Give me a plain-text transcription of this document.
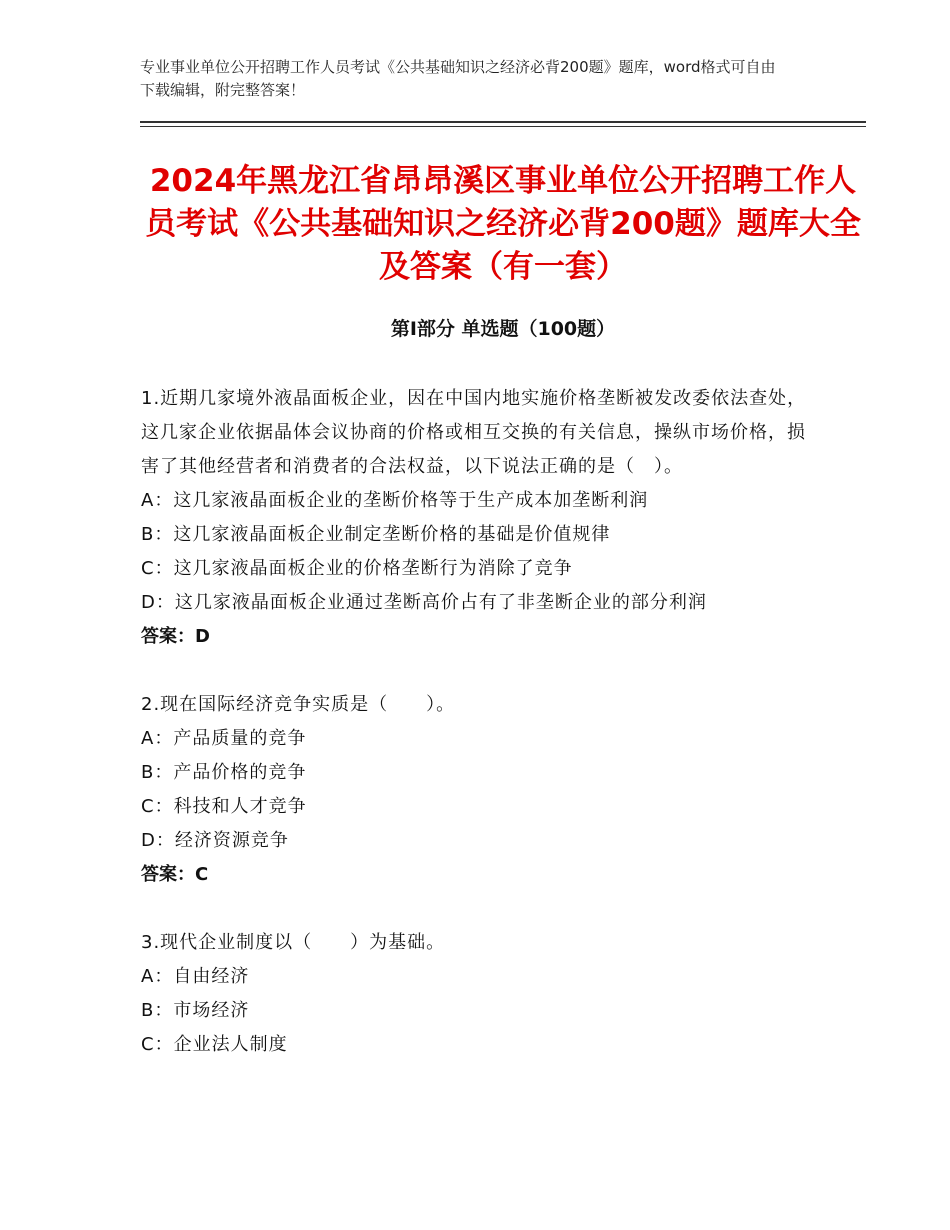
专业事业单位公开招聘工作人员考试《公共基础知识之经济必背200题》题库，word格式可自由下载编辑，附完整答案！
2024年黑龙江省昂昂溪区事业单位公开招聘工作人员考试《公共基础知识之经济必背200题》题库大全及答案（有一套）
第Ⅰ部分 单选题（100题）

1.近期几家境外液晶面板企业，因在中国内地实施价格垄断被发改委依法查处，这几家企业依据晶体会议协商的价格或相互交换的有关信息，操纵市场价格，损害了其他经营者和消费者的合法权益，以下说法正确的是（　）。

A：这几家液晶面板企业的垄断价格等于生产成本加垄断利润

B：这几家液晶面板企业制定垄断价格的基础是价值规律

C：这几家液晶面板企业的价格垄断行为消除了竞争

D：这几家液晶面板企业通过垄断高价占有了非垄断企业的部分利润

答案：D

2.现在国际经济竞争实质是（　　）。

A：产品质量的竞争

B：产品价格的竞争

C：科技和人才竞争

D：经济资源竞争

答案：C

3.现代企业制度以（　　）为基础。

A：自由经济

B：市场经济

C：企业法人制度
